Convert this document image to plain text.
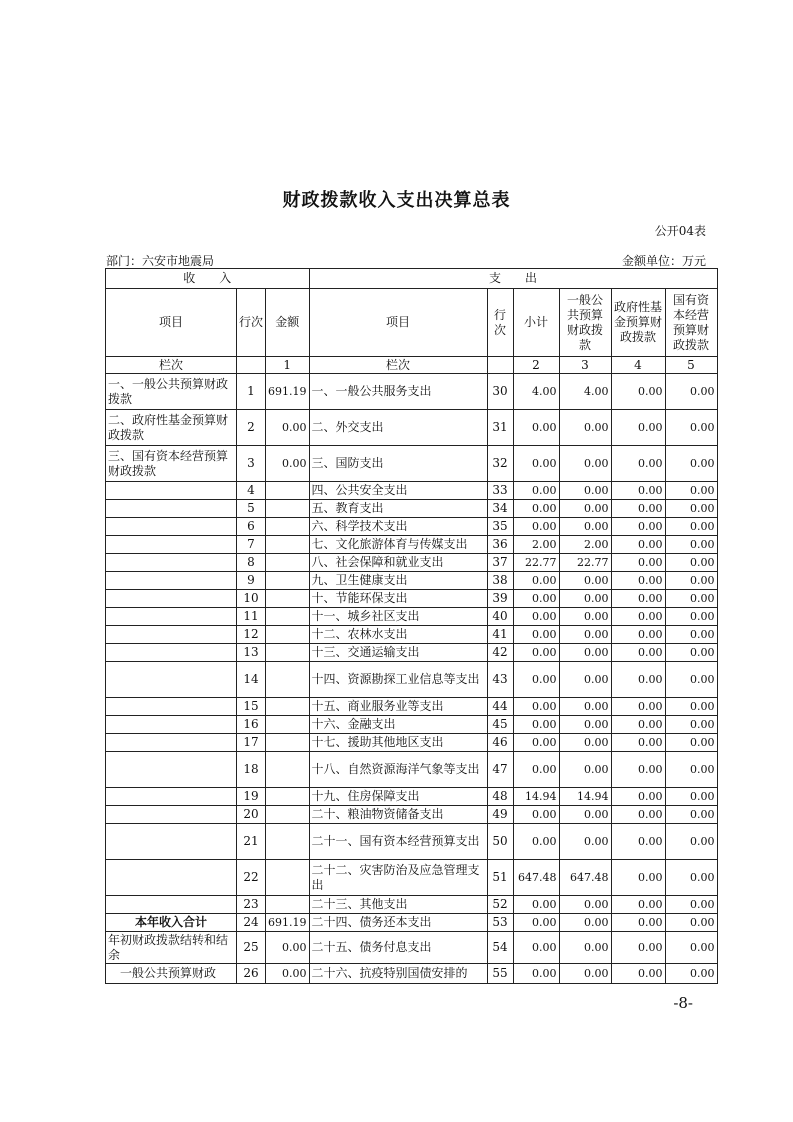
财政拨款收入支出决算总表
公开04表
部门：六安市地震局	金额单位：万元
收　　入			支　　出					
项目	行次	金额	项目	行次	小计	一般公共预算财政拨款	政府性基金预算财政拨款	国有资本经营预算财政拨款
栏次		1	栏次		2	3	4	5
一、一般公共预算财政拨款	1	691.19	一、一般公共服务支出	30	4.00	4.00	0.00	0.00
二、政府性基金预算财政拨款	2	0.00	二、外交支出	31	0.00	0.00	0.00	0.00
三、国有资本经营预算财政拨款	3	0.00	三、国防支出	32	0.00	0.00	0.00	0.00
	4		四、公共安全支出	33	0.00	0.00	0.00	0.00
	5		五、教育支出	34	0.00	0.00	0.00	0.00
	6		六、科学技术支出	35	0.00	0.00	0.00	0.00
	7		七、文化旅游体育与传媒支出	36	2.00	2.00	0.00	0.00
	8		八、社会保障和就业支出	37	22.77	22.77	0.00	0.00
	9		九、卫生健康支出	38	0.00	0.00	0.00	0.00
	10		十、节能环保支出	39	0.00	0.00	0.00	0.00
	11		十一、城乡社区支出	40	0.00	0.00	0.00	0.00
	12		十二、农林水支出	41	0.00	0.00	0.00	0.00
	13		十三、交通运输支出	42	0.00	0.00	0.00	0.00
	14		十四、资源勘探工业信息等支出	43	0.00	0.00	0.00	0.00
	15		十五、商业服务业等支出	44	0.00	0.00	0.00	0.00
	16		十六、金融支出	45	0.00	0.00	0.00	0.00
	17		十七、援助其他地区支出	46	0.00	0.00	0.00	0.00
	18		十八、自然资源海洋气象等支出	47	0.00	0.00	0.00	0.00
	19		十九、住房保障支出	48	14.94	14.94	0.00	0.00
	20		二十、粮油物资储备支出	49	0.00	0.00	0.00	0.00
	21		二十一、国有资本经营预算支出	50	0.00	0.00	0.00	0.00
	22		二十二、灾害防治及应急管理支出	51	647.48	647.48	0.00	0.00
	23		二十三、其他支出	52	0.00	0.00	0.00	0.00
本年收入合计	24	691.19	二十四、债务还本支出	53	0.00	0.00	0.00	0.00
年初财政拨款结转和结余	25	0.00	二十五、债务付息支出	54	0.00	0.00	0.00	0.00
一般公共预算财政	26	0.00	二十六、抗疫特别国债安排的	55	0.00	0.00	0.00	0.00
-8-
